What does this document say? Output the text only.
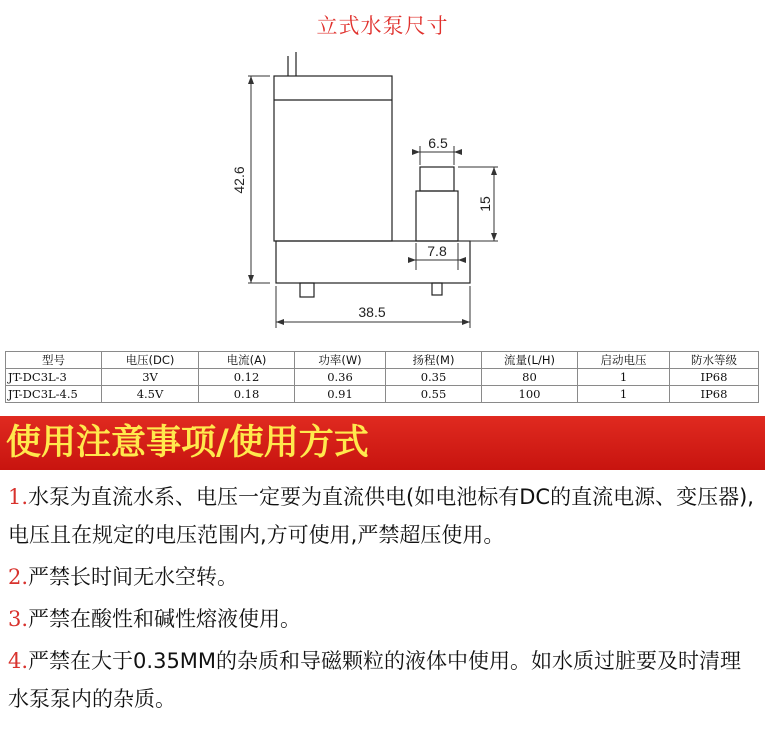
立式水泵尺寸
42.6
6.5
15
7.8
38.5
型号	电压(DC)	电流(A)	功率(W)	扬程(M)	流量(L/H)	启动电压	防水等级
JT-DC3L-3	3V	0.12	0.36	0.35	80	1	IP68
JT-DC3L-4.5	4.5V	0.18	0.91	0.55	100	1	IP68
使用注意事项/使用方式

1.水泵为直流水系、电压一定要为直流供电(如电池标有DC的直流电源、变压器),电压且在规定的电压范围内,方可使用,严禁超压使用。

2.严禁长时间无水空转。

3.严禁在酸性和碱性熔液使用。

4.严禁在大于0.35MM的杂质和导磁颗粒的液体中使用。如水质过脏要及时清理水泵泵内的杂质。
